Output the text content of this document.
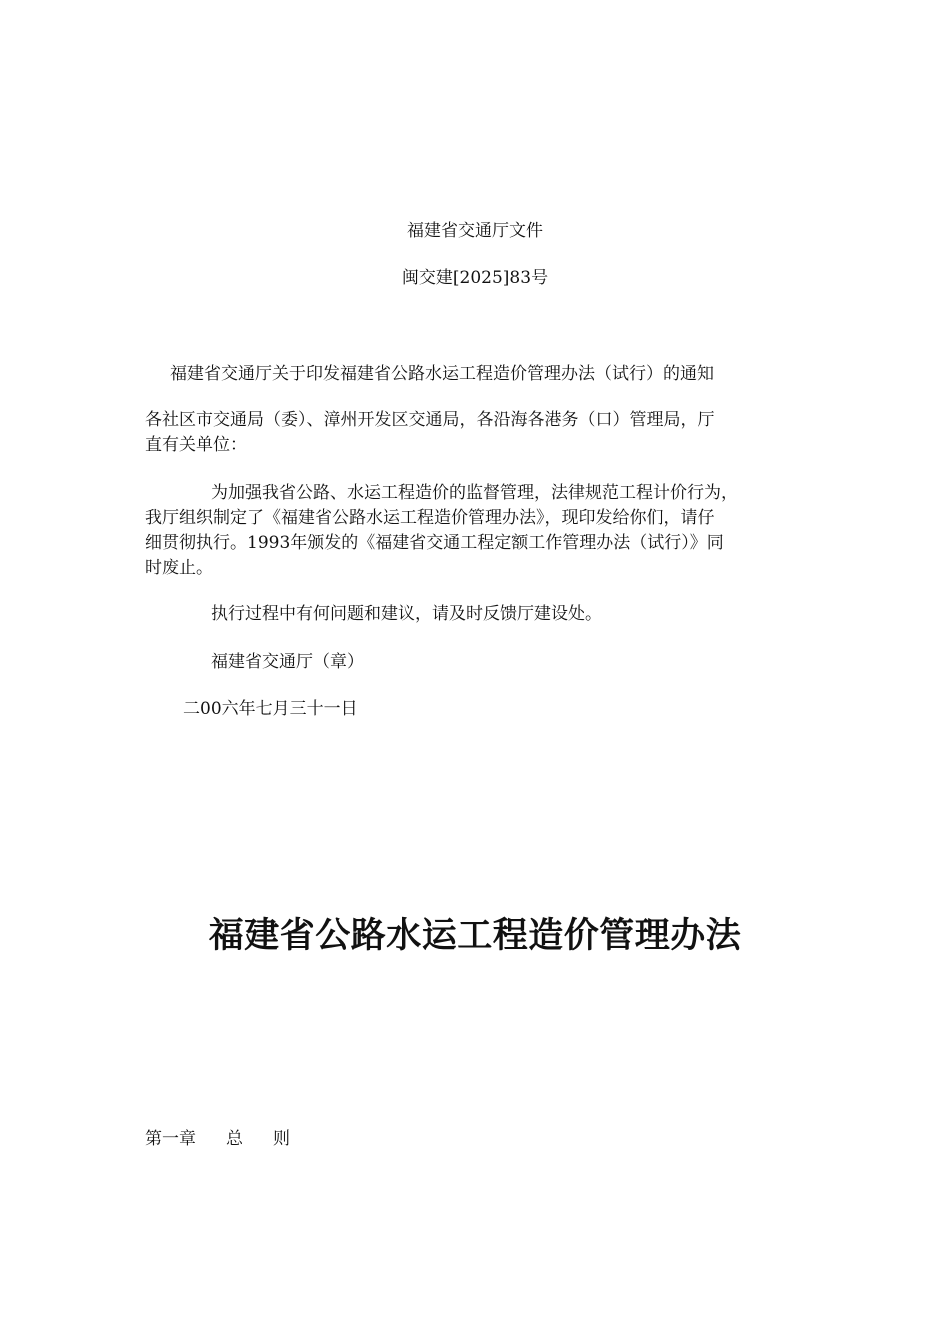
福建省交通厅文件

闽交建[2025]83号

福建省交通厅关于印发福建省公路水运工程造价管理办法（试行）的通知

各社区市交通局（委）、漳州开发区交通局，各沿海各港务（口）管理局，厅
直有关单位：
为加强我省公路、水运工程造价的监督管理，法律规范工程计价行为，
我厅组织制定了《福建省公路水运工程造价管理办法》，现印发给你们，请仔
细贯彻执行。1993年颁发的《福建省交通工程定额工作管理办法（试行）》同
时废止。

执行过程中有何问题和建议，请及时反馈厅建设处。

福建省交通厅（章）

二00六年七月三十一日

福建省公路水运工程造价管理办法

第一章 总 则
